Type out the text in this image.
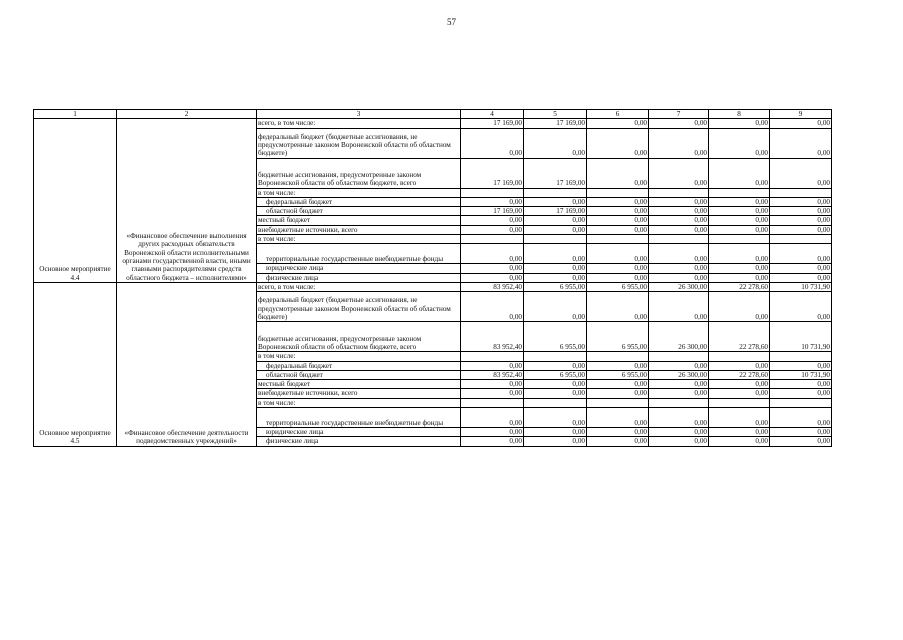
57
1	2	3	4	5	6	7	8	9
Основное мероприятие 4.4	«Финансовое обеспечение выполнения других расходных обязательств Воронежской области исполнительными органами государственной власти, иными главными распорядителями средств областного бюджета – исполнителями»	всего, в том числе:	17 169,00	17 169,00	0,00	0,00	0,00	0,00
		федеральный бюджет (бюджетные ассигнования, не предусмотренные законом Воронежской области об областном бюджете)	0,00	0,00	0,00	0,00	0,00	0,00
		бюджетные ассигнования, предусмотренные законом Воронежской области об областном бюджете, всего	17 169,00	17 169,00	0,00	0,00	0,00	0,00
		в том числе:						
		федеральный бюджет	0,00	0,00	0,00	0,00	0,00	0,00
		областной бюджет	17 169,00	17 169,00	0,00	0,00	0,00	0,00
		местный бюджет	0,00	0,00	0,00	0,00	0,00	0,00
		внебюджетные источники, всего	0,00	0,00	0,00	0,00	0,00	0,00
		в том числе:						
		территориальные государственные внебюджетные фонды	0,00	0,00	0,00	0,00	0,00	0,00
		юридические лица	0,00	0,00	0,00	0,00	0,00	0,00
		физические лица	0,00	0,00	0,00	0,00	0,00	0,00
Основное мероприятие 4.5	«Финансовое обеспечение деятельности подведомственных учреждений»	всего, в том числе:	83 952,40	6 955,00	6 955,00	26 300,00	22 278,60	10 731,90
		федеральный бюджет (бюджетные ассигнования, не предусмотренные законом Воронежской области об областном бюджете)	0,00	0,00	0,00	0,00	0,00	0,00
		бюджетные ассигнования, предусмотренные законом Воронежской области об областном бюджете, всего	83 952,40	6 955,00	6 955,00	26 300,00	22 278,60	10 731,90
		в том числе:						
		федеральный бюджет	0,00	0,00	0,00	0,00	0,00	0,00
		областной бюджет	83 952,40	6 955,00	6 955,00	26 300,00	22 278,60	10 731,90
		местный бюджет	0,00	0,00	0,00	0,00	0,00	0,00
		внебюджетные источники, всего	0,00	0,00	0,00	0,00	0,00	0,00
		в том числе:						
		территориальные государственные внебюджетные фонды	0,00	0,00	0,00	0,00	0,00	0,00
		юридические лица	0,00	0,00	0,00	0,00	0,00	0,00
		физические лица	0,00	0,00	0,00	0,00	0,00	0,00
